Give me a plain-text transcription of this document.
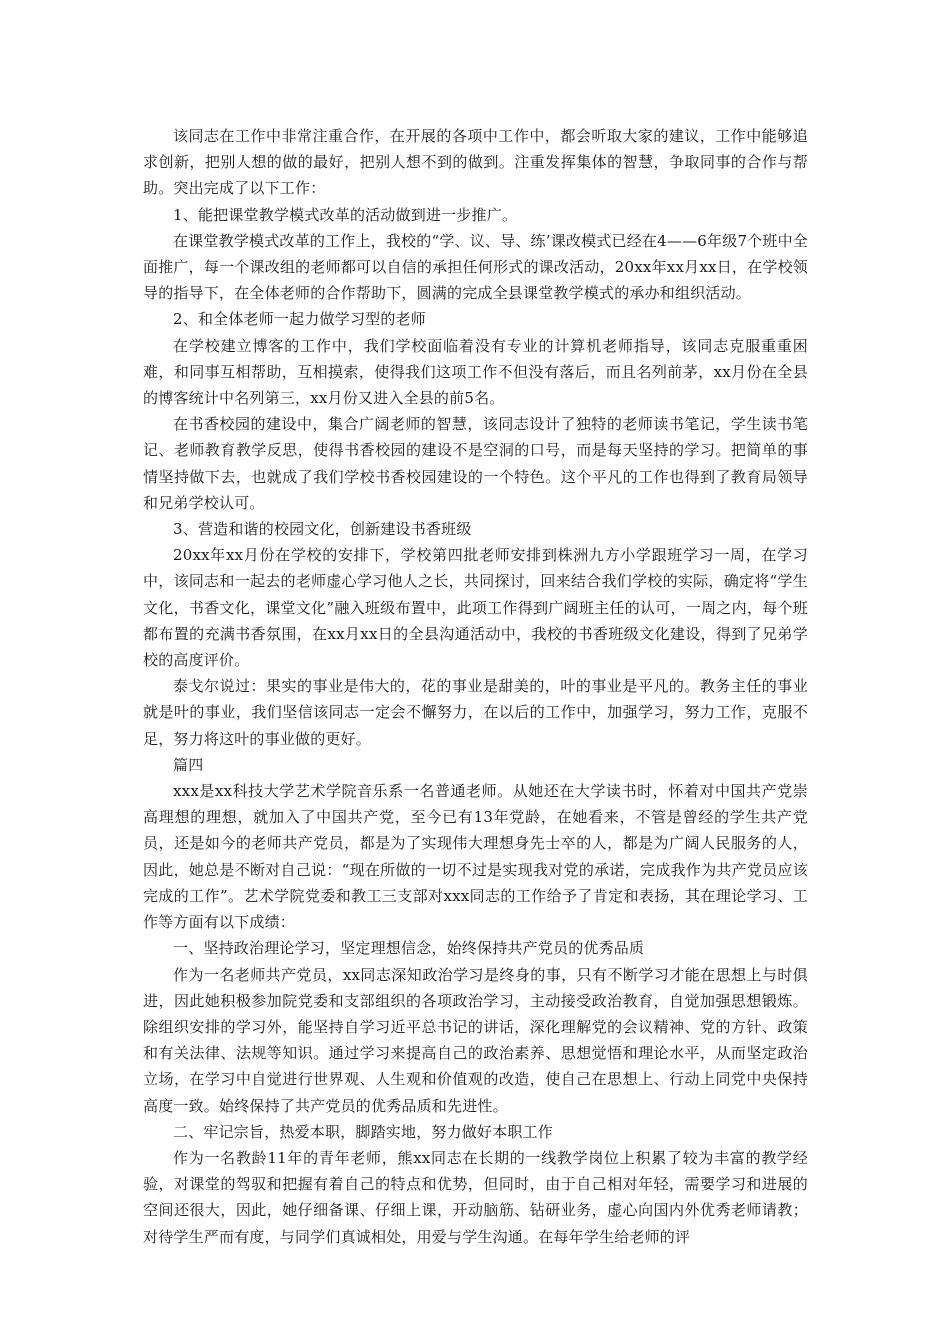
该同志在工作中非常注重合作，在开展的各项中工作中，都会听取大家的建议，工作中能够追求创新，把别人想的做的最好，把别人想不到的做到。注重发挥集体的智慧，争取同事的合作与帮助。突出完成了以下工作：

1、能把课堂教学模式改革的活动做到进一步推广。

在课堂教学模式改革的工作上，我校的“学、议、导、练’课改模式已经在4——6年级7个班中全面推广，每一个课改组的老师都可以自信的承担任何形式的课改活动，20xx年xx月xx日，在学校领导的指导下，在全体老师的合作帮助下，圆满的完成全县课堂教学模式的承办和组织活动。

2、和全体老师一起力做学习型的老师

在学校建立博客的工作中，我们学校面临着没有专业的计算机老师指导，该同志克服重重困难，和同事互相帮助，互相摸索，使得我们这项工作不但没有落后，而且名列前茅，xx月份在全县的博客统计中名列第三，xx月份又进入全县的前5名。

在书香校园的建设中，集合广阔老师的智慧，该同志设计了独特的老师读书笔记，学生读书笔记、老师教育教学反思，使得书香校园的建设不是空洞的口号，而是每天坚持的学习。把简单的事情坚持做下去，也就成了我们学校书香校园建设的一个特色。这个平凡的工作也得到了教育局领导和兄弟学校认可。

3、营造和谐的校园文化，创新建设书香班级

20xx年xx月份在学校的安排下，学校第四批老师安排到株洲九方小学跟班学习一周，在学习中，该同志和一起去的老师虚心学习他人之长，共同探讨，回来结合我们学校的实际，确定将“学生文化，书香文化，课堂文化”融入班级布置中，此项工作得到广阔班主任的认可，一周之内，每个班都布置的充满书香氛围，在xx月xx日的全县沟通活动中，我校的书香班级文化建设，得到了兄弟学校的高度评价。

泰戈尔说过：果实的事业是伟大的，花的事业是甜美的，叶的事业是平凡的。教务主任的事业就是叶的事业，我们坚信该同志一定会不懈努力，在以后的工作中，加强学习，努力工作，克服不足，努力将这叶的事业做的更好。

篇四

xxx是xx科技大学艺术学院音乐系一名普通老师。从她还在大学读书时，怀着对中国共产党崇高理想的理想，就加入了中国共产党，至今已有13年党龄，在她看来，不管是曾经的学生共产党员，还是如今的老师共产党员，都是为了实现伟大理想身先士卒的人，都是为广阔人民服务的人，因此，她总是不断对自己说：“现在所做的一切不过是实现我对党的承诺，完成我作为共产党员应该完成的工作”。艺术学院党委和教工三支部对xxx同志的工作给予了肯定和表扬，其在理论学习、工作等方面有以下成绩：

一、坚持政治理论学习，坚定理想信念，始终保持共产党员的优秀品质

作为一名老师共产党员，xx同志深知政治学习是终身的事，只有不断学习才能在思想上与时俱进，因此她积极参加院党委和支部组织的各项政治学习，主动接受政治教育，自觉加强思想锻炼。除组织安排的学习外，能坚持自学习近平总书记的讲话，深化理解党的会议精神、党的方针、政策和有关法律、法规等知识。通过学习来提高自己的政治素养、思想觉悟和理论水平，从而坚定政治立场，在学习中自觉进行世界观、人生观和价值观的改造，使自己在思想上、行动上同党中央保持高度一致。始终保持了共产党员的优秀品质和先进性。

二、牢记宗旨，热爱本职，脚踏实地，努力做好本职工作

作为一名教龄11年的青年老师，熊xx同志在长期的一线教学岗位上积累了较为丰富的教学经验，对课堂的驾驭和把握有着自己的特点和优势，但同时，由于自己相对年轻，需要学习和进展的空间还很大，因此，她仔细备课、仔细上课，开动脑筋、钻研业务，虚心向国内外优秀老师请教；对待学生严而有度，与同学们真诚相处，用爱与学生沟通。在每年学生给老师的评
